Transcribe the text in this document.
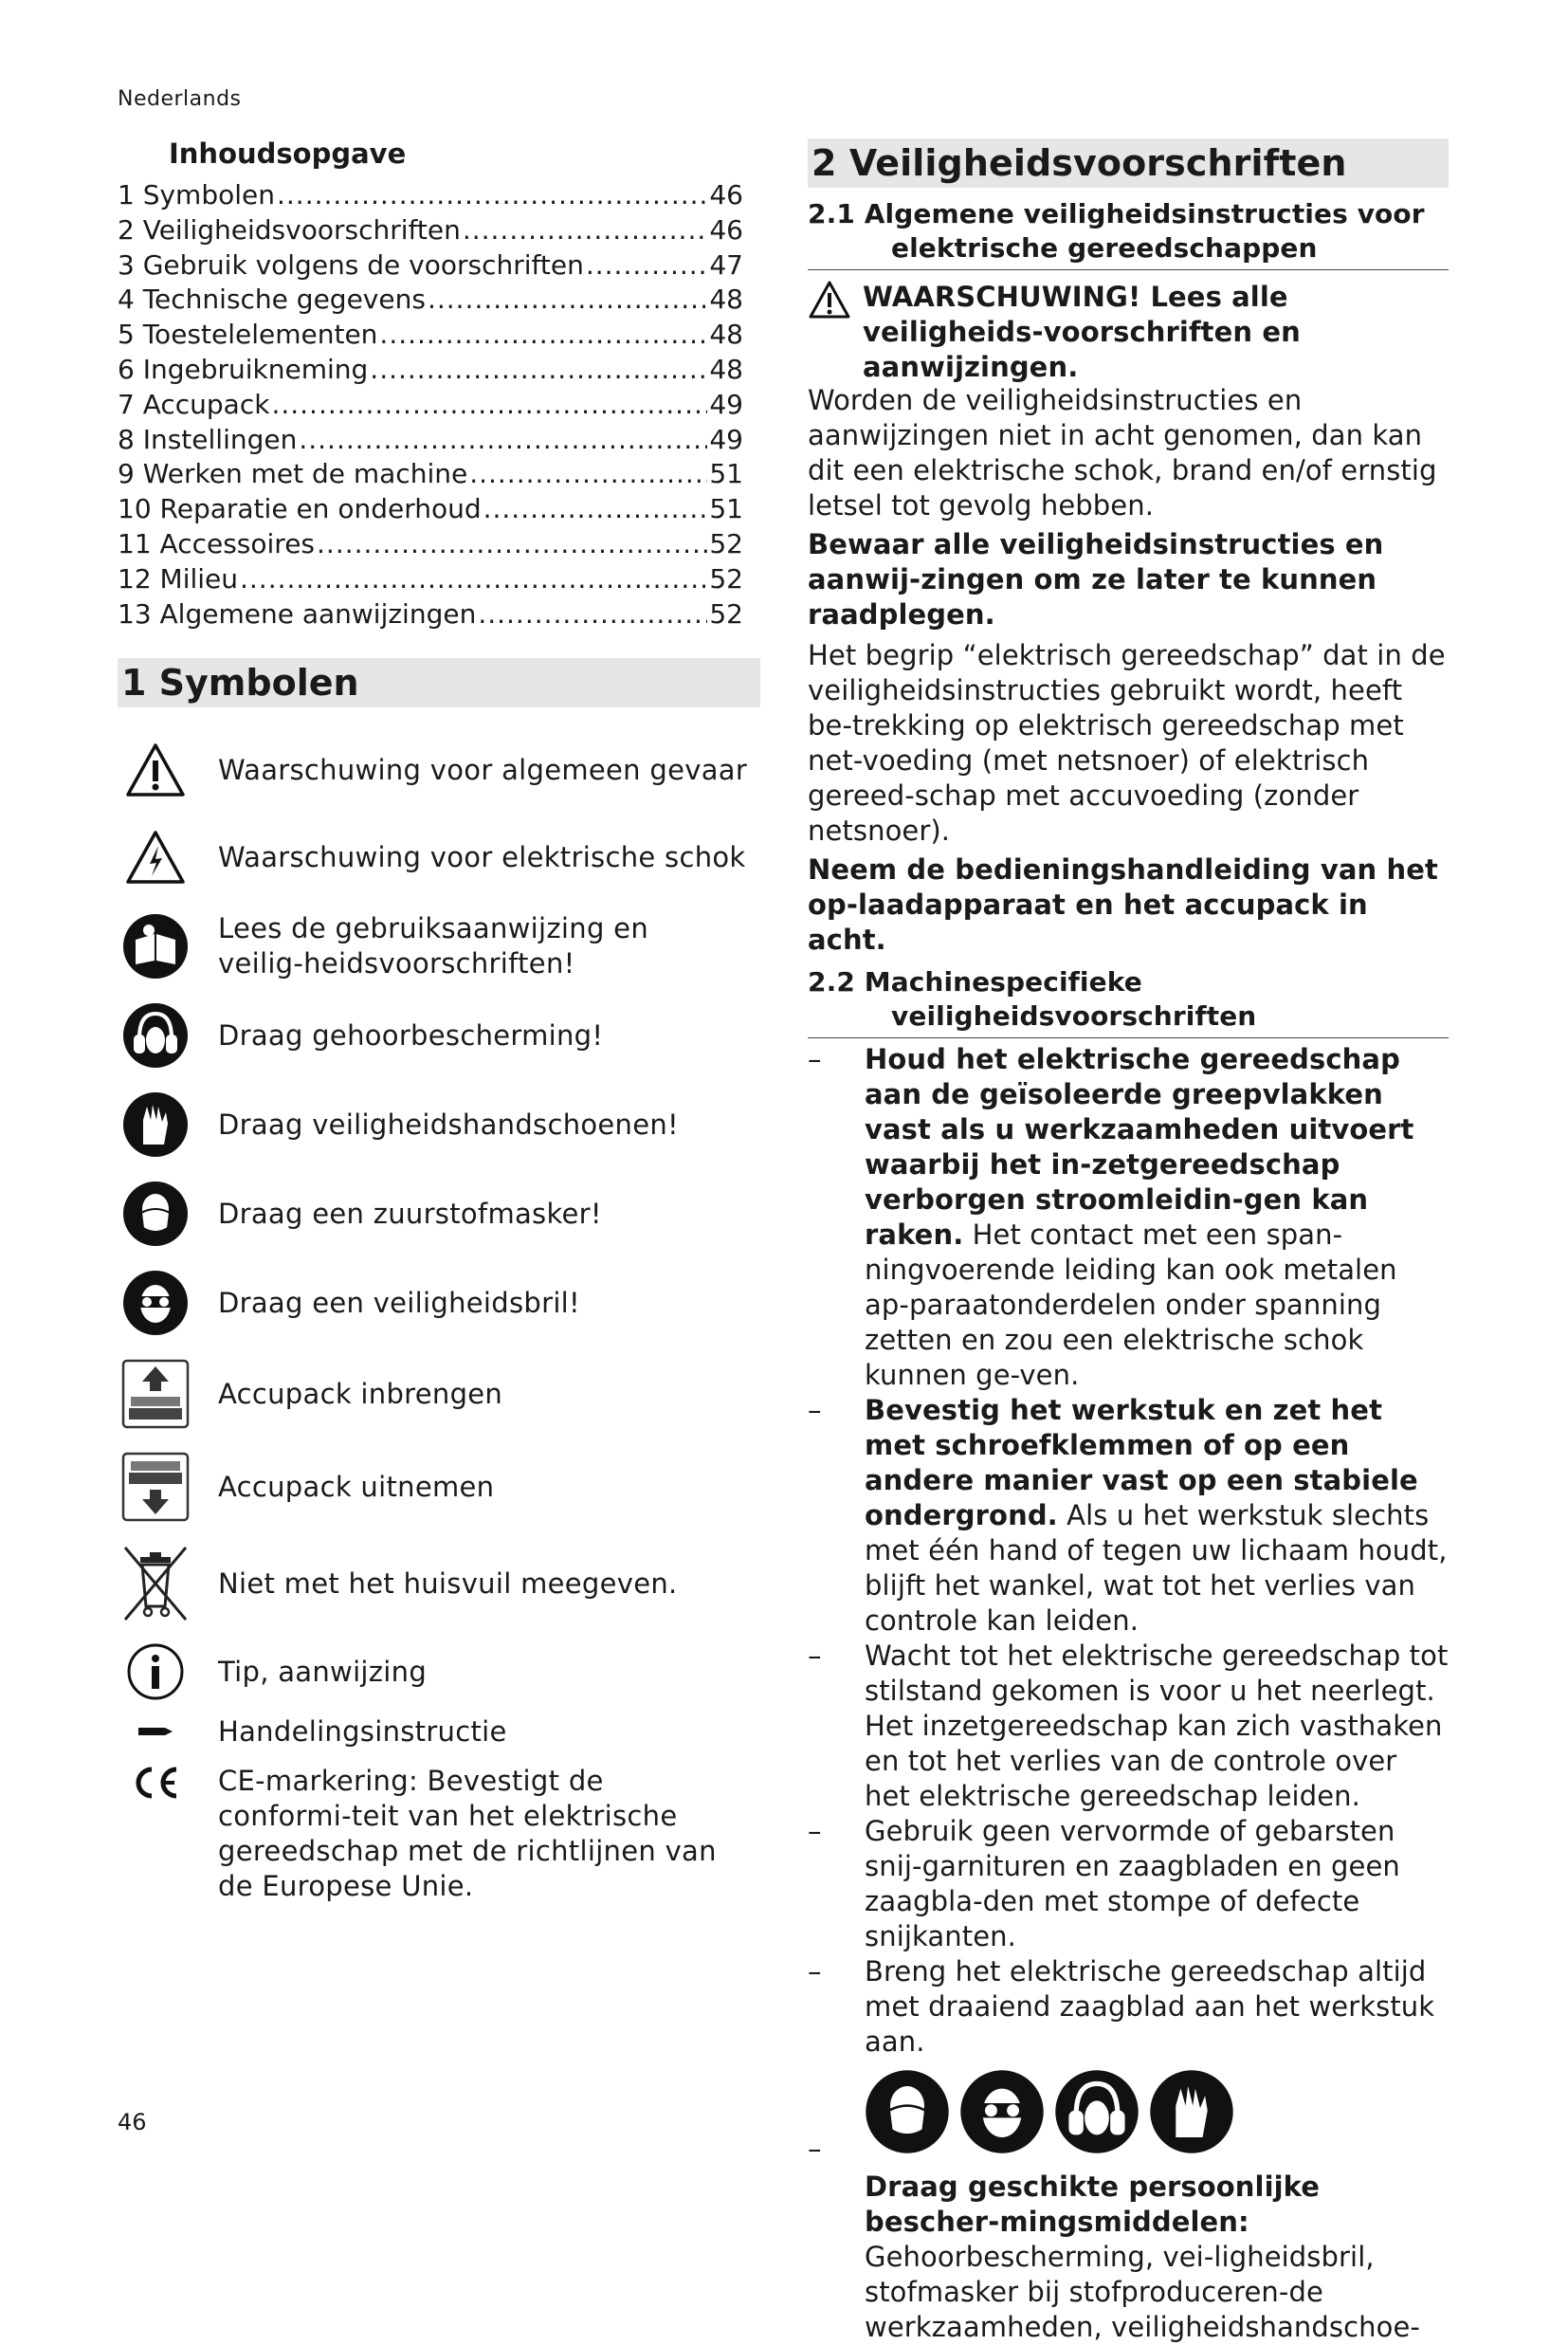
Nederlands
Inhoudsopgave
1 Symbolen .....	46
2 Veiligheidsvoorschriften .....	46
3 Gebruik volgens de voorschriften .....	47
4 Technische gegevens .....	48
5 Toestelelementen .....	48
6 Ingebruikneming .....	48
7 Accupack .....	49
8 Instellingen .....	49
9 Werken met de machine .....	51
10 Reparatie en onderhoud .....	51
11 Accessoires .....	52
12 Milieu .....	52
13 Algemene aanwijzingen .....	52
1 Symbolen
Waarschuwing voor algemeen gevaar
Waarschuwing voor elektrische schok
Lees de gebruiksaanwijzing en veilig-heidsvoorschriften!
Draag gehoorbescherming!
Draag veiligheidshandschoenen!
Draag een zuurstofmasker!
Draag een veiligheidsbril!
Accupack inbrengen
Accupack uitnemen
Niet met het huisvuil meegeven.
Tip, aanwijzing
Handelingsinstructie
CE-markering: Bevestigt de conformi-teit van het elektrische gereedschap met de richtlijnen van de Europese Unie.
2 Veiligheidsvoorschriften
2.1 Algemene veiligheidsinstructies voor
elektrische gereedschappen

WAARSCHUWING! Lees alle veiligheids-voorschriften en aanwijzingen.

Worden de veiligheidsinstructies en aanwijzingen niet in acht genomen, dan kan dit een elektrische schok, brand en/of ernstig letsel tot gevolg hebben.

Bewaar alle veiligheidsinstructies en aanwij-zingen om ze later te kunnen raadplegen.

Het begrip “elektrisch gereedschap” dat in de veiligheidsinstructies gebruikt wordt, heeft be-trekking op elektrisch gereedschap met net-voeding (met netsnoer) of elektrisch gereed-schap met accuvoeding (zonder netsnoer).

Neem de bedieningshandleiding van het op-laadapparaat en het accupack in acht.

2.2 Machinespecifieke
veiligheidsvoorschriften
– Houd het elektrische gereedschap aan de geïsoleerde greepvlakken vast als u werkzaamheden uitvoert waarbij het in-zetgereedschap verborgen stroomleidin-gen kan raken. Het contact met een span-ningvoerende leiding kan ook metalen ap-paraatonderdelen onder spanning zetten en zou een elektrische schok kunnen ge-ven.

– Bevestig het werkstuk en zet het met schroefklemmen of op een andere manier vast op een stabiele ondergrond. Als u het werkstuk slechts met één hand of tegen uw lichaam houdt, blijft het wankel, wat tot het verlies van controle kan leiden.

– Wacht tot het elektrische gereedschap tot stilstand gekomen is voor u het neerlegt. Het inzetgereedschap kan zich vasthaken en tot het verlies van de controle over het elektrische gereedschap leiden.

– Gebruik geen vervormde of gebarsten snij-garnituren en zaagbladen en geen zaagbla-den met stompe of defecte snijkanten.

– Breng het elektrische gereedschap altijd met draaiend zaagblad aan het werkstuk aan.

–

Draag geschikte persoonlijke bescher-mingsmiddelen: Gehoorbescherming, vei-ligheidsbril, stofmasker bij stofproduceren-de werkzaamheden, veiligheidshandschoe-

46
